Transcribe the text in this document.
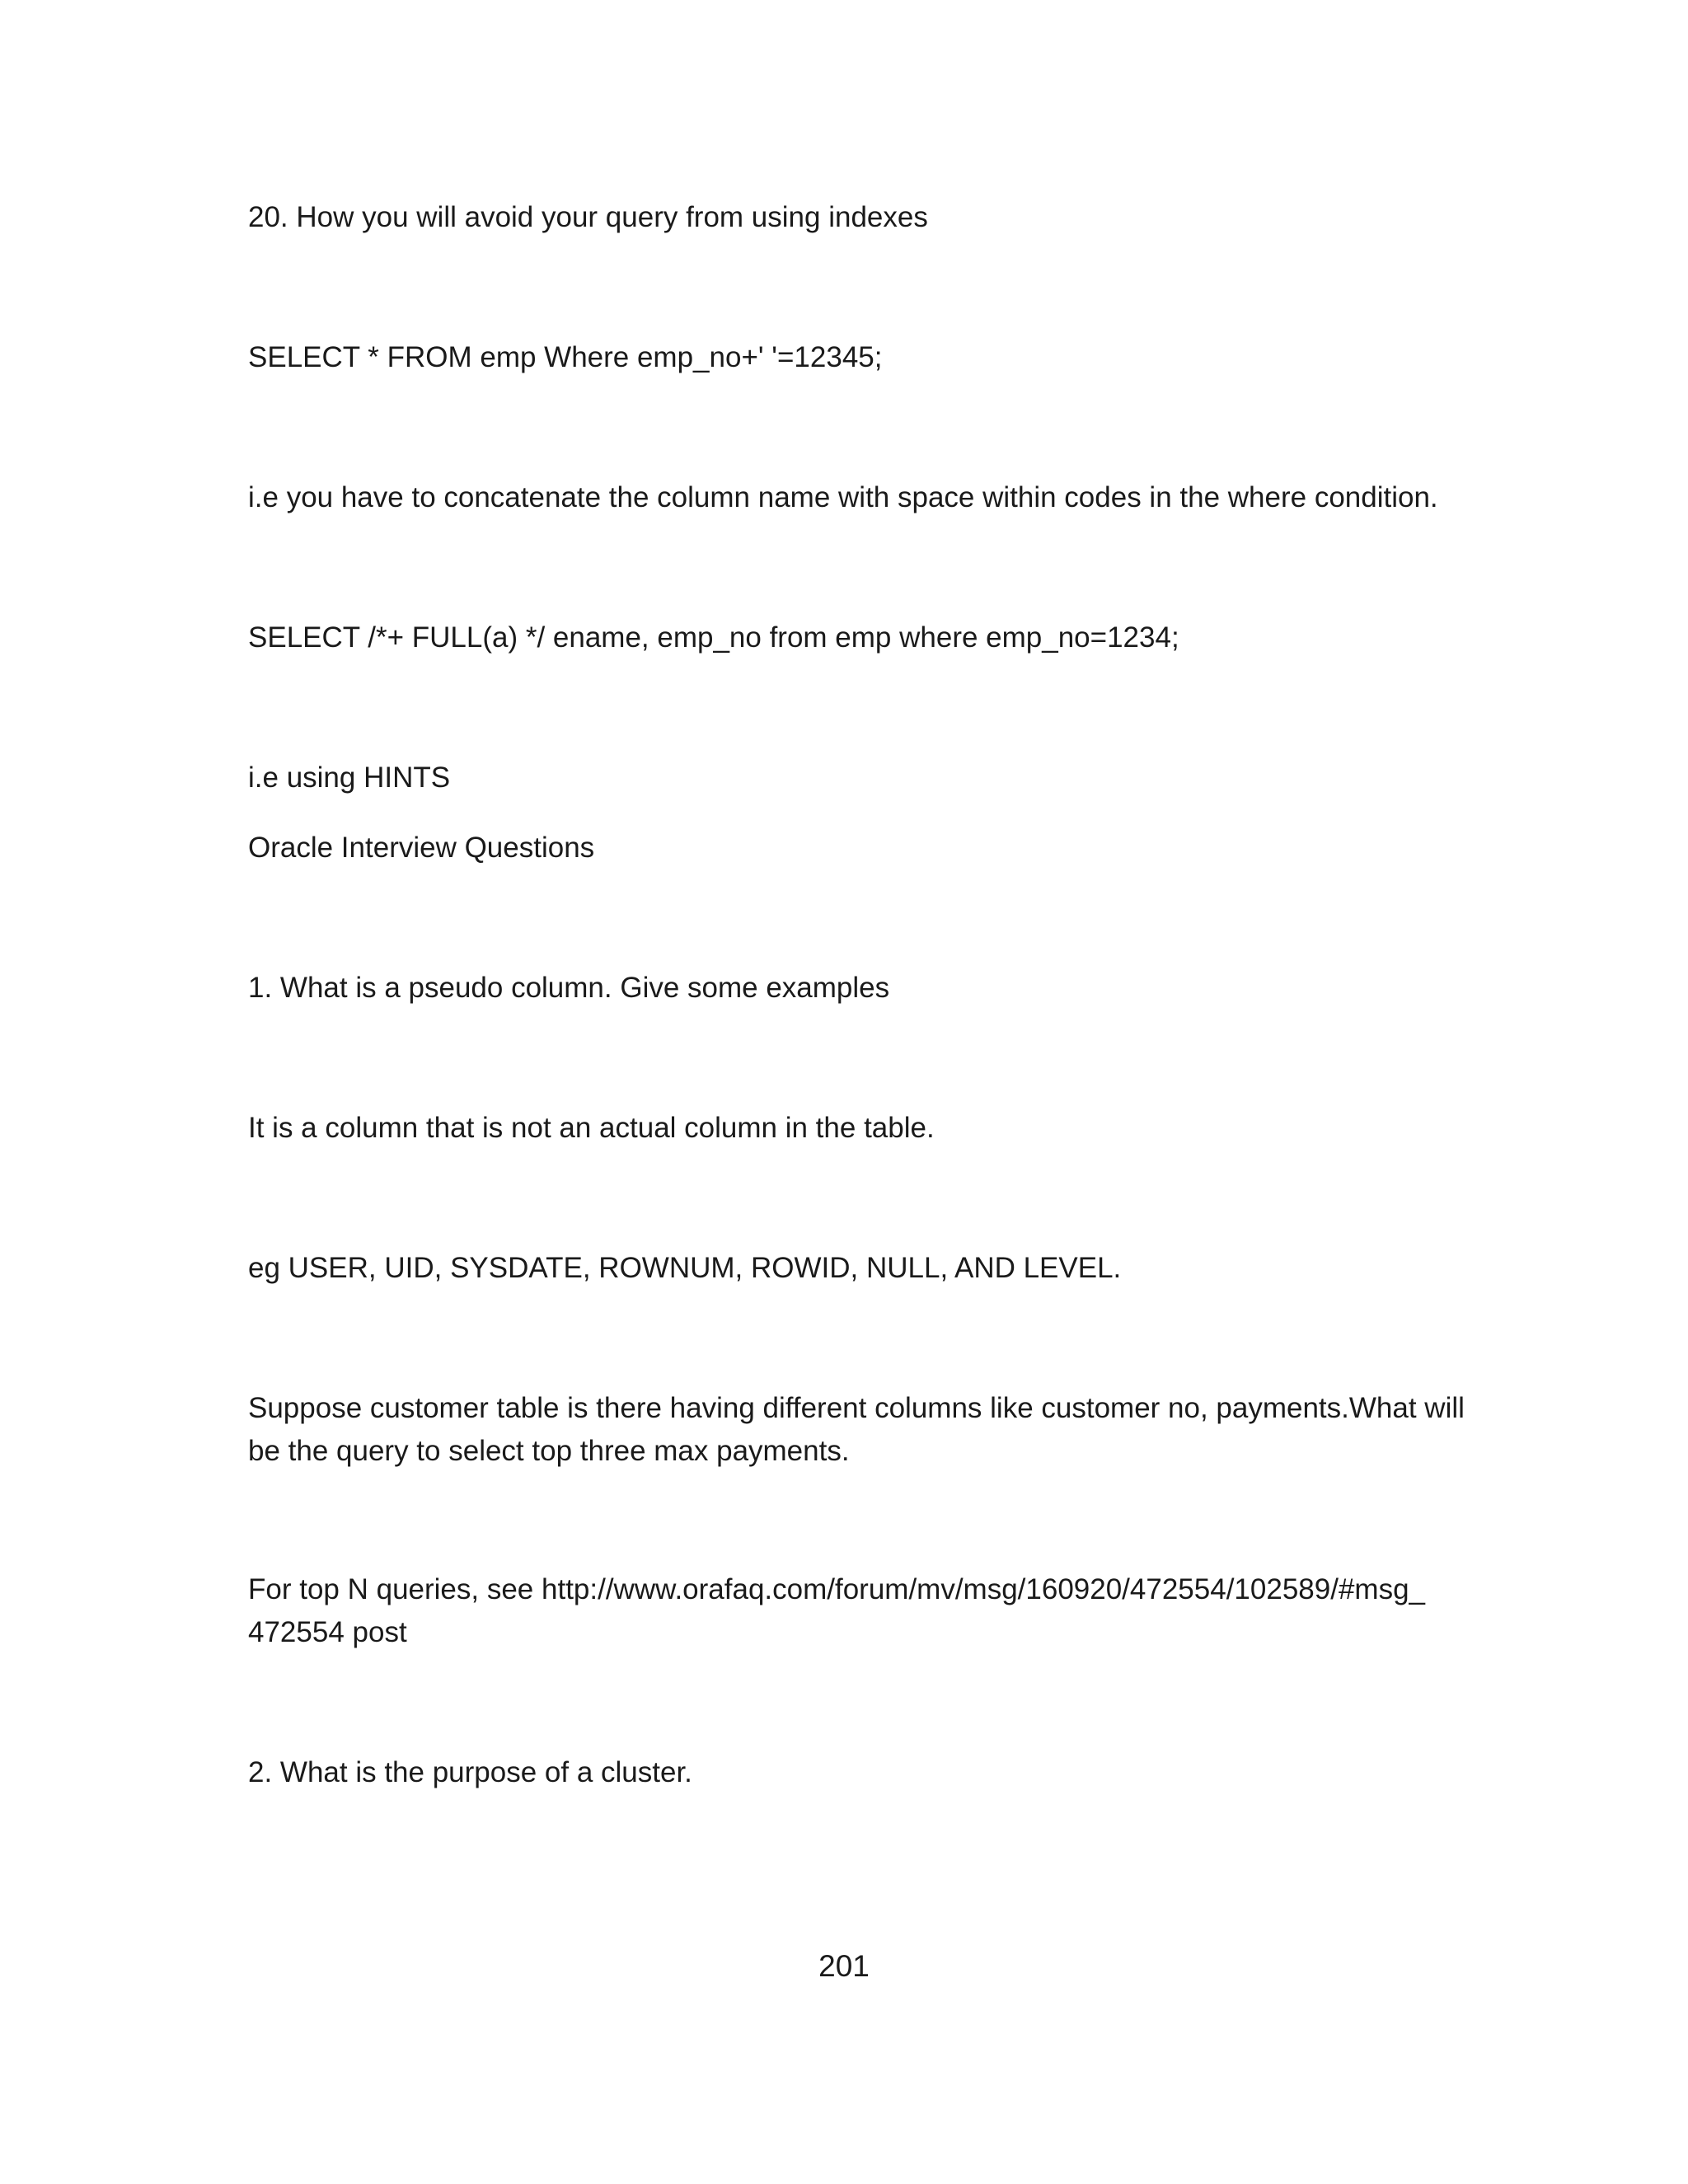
20. How you will avoid your query from using indexes
SELECT * FROM emp Where emp_no+' '=12345;
i.e you have to concatenate the column name with space within codes in the where condition.
SELECT /*+ FULL(a) */ ename, emp_no from emp where emp_no=1234;
i.e using HINTS
Oracle Interview Questions
1. What is a pseudo column. Give some examples
It is a column that is not an actual column in the table.
eg USER, UID, SYSDATE, ROWNUM, ROWID, NULL, AND LEVEL.
Suppose customer table is there having different columns like customer no, payments.What will
be the query to select top three max payments.
For top N queries, see http://www.orafaq.com/forum/mv/msg/160920/472554/102589/#msg_
472554 post
2. What is the purpose of a cluster.
201
